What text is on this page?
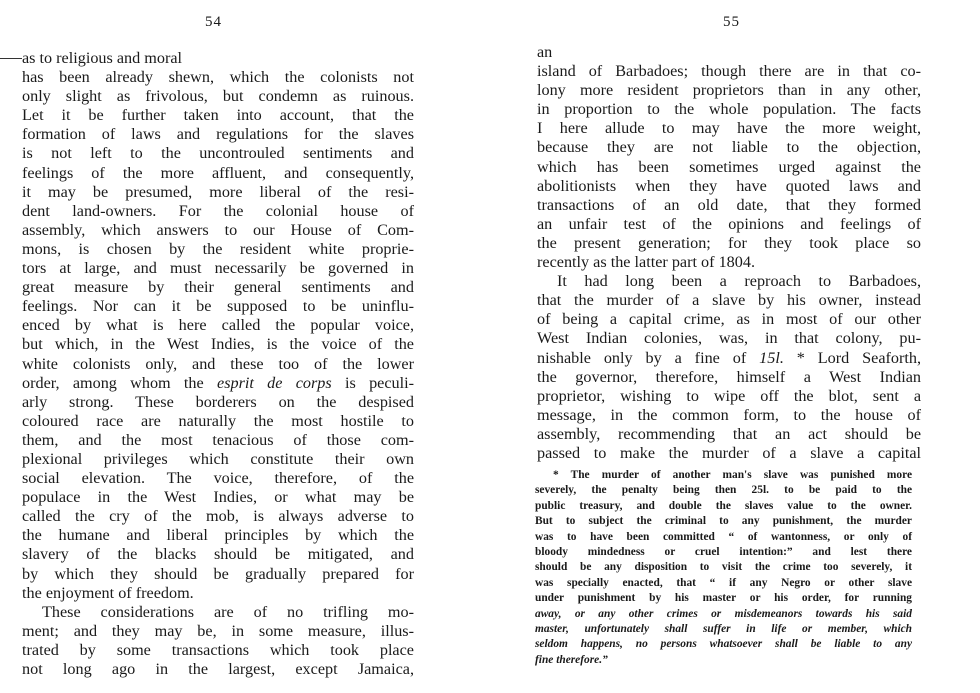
54
as to religious and moral
has been already shewn, which the colonists not
only slight as frivolous, but condemn as ruinous.
Let it be further taken into account, that the
formation of laws and regulations for the slaves
is not left to the uncontrouled sentiments and
feelings of the more affluent, and consequently,
it may be presumed, more liberal of the resi-
dent land-owners. For the colonial house of
assembly, which answers to our House of Com-
mons, is chosen by the resident white proprie-
tors at large, and must necessarily be governed in
great measure by their general sentiments and
feelings. Nor can it be supposed to be uninflu-
enced by what is here called the popular voice,
but which, in the West Indies, is the voice of the
white colonists only, and these too of the lower
order, among whom the esprit de corps is peculi-
arly strong. These borderers on the despised
coloured race are naturally the most hostile to
them, and the most tenacious of those com-
plexional privileges which constitute their own
social elevation. The voice, therefore, of the
populace in the West Indies, or what may be
called the cry of the mob, is always adverse to
the humane and liberal principles by which the
slavery of the blacks should be mitigated, and
by which they should be gradually prepared for
the enjoyment of freedom.
These considerations are of no trifling mo-
ment; and they may be, in some measure, illus-
trated by some transactions which took place
not long ago in the largest, except Jamaica,
55
an
island of Barbadoes; though there are in that co-
lony more resident proprietors than in any other,
in proportion to the whole population. The facts
I here allude to may have the more weight,
because they are not liable to the objection,
which has been sometimes urged against the
abolitionists when they have quoted laws and
transactions of an old date, that they formed
an unfair test of the opinions and feelings of
the present generation; for they took place so
recently as the latter part of 1804.
It had long been a reproach to Barbadoes,
that the murder of a slave by his owner, instead
of being a capital crime, as in most of our other
West Indian colonies, was, in that colony, pu-
nishable only by a fine of 15l. * Lord Seaforth,
the governor, therefore, himself a West Indian
proprietor, wishing to wipe off the blot, sent a
message, in the common form, to the house of
assembly, recommending that an act should be
passed to make the murder of a slave a capital
* The murder of another man's slave was punished more
severely, the penalty being then 25l. to be paid to the
public treasury, and double the slaves value to the owner.
But to subject the criminal to any punishment, the murder
was to have been committed “ of wantonness, or only of
bloody mindedness or cruel intention:” and lest there
should be any disposition to visit the crime too severely, it
was specially enacted, that “ if any Negro or other slave
under punishment by his master or his order, for running
away, or any other crimes or misdemeanors towards his said
master, unfortunately shall suffer in life or member, which
seldom happens, no persons whatsoever shall be liable to any
fine therefore.”
